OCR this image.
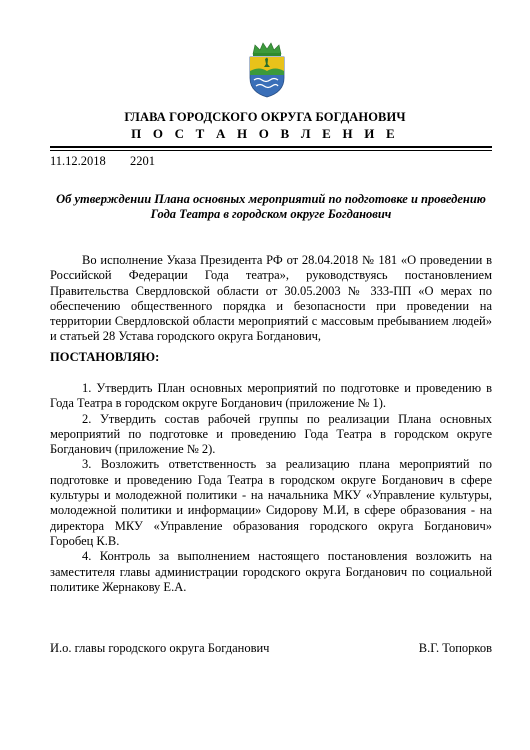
ГЛАВА ГОРОДСКОГО ОКРУГА БОГДАНОВИЧ
П О С Т А Н О В Л Е Н И Е
11.12.2018 2201
Об утверждении Плана основных мероприятий по подготовке и проведению Года Театра в городском округе Богданович

Во исполнение Указа Президента РФ от 28.04.2018 № 181 «О проведении в Российской Федерации Года театра», руководствуясь постановлением Правительства Свердловской области от 30.05.2003 № 333-ПП «О мерах по обеспечению общественного порядка и безопасности при проведении на территории Свердловской области мероприятий с массовым пребыванием людей» и статьей 28 Устава городского округа Богданович,

ПОСТАНОВЛЯЮ:

1. Утвердить План основных мероприятий по подготовке и проведению в Года Театра в городском округе Богданович (приложение № 1).

2. Утвердить состав рабочей группы по реализации Плана основных мероприятий по подготовке и проведению Года Театра в городском округе Богданович (приложение № 2).

3. Возложить ответственность за реализацию плана мероприятий по подготовке и проведению Года Театра в городском округе Богданович в сфере культуры и молодежной политики - на начальника МКУ «Управление культуры, молодежной политики и информации» Сидорову М.И, в сфере образования - на директора МКУ «Управление образования городского округа Богданович» Горобец К.В.

4. Контроль за выполнением настоящего постановления возложить на заместителя главы администрации городского округа Богданович по социальной политике Жернакову Е.А.

И.о. главы городского округа Богданович	В.Г. Топорков
